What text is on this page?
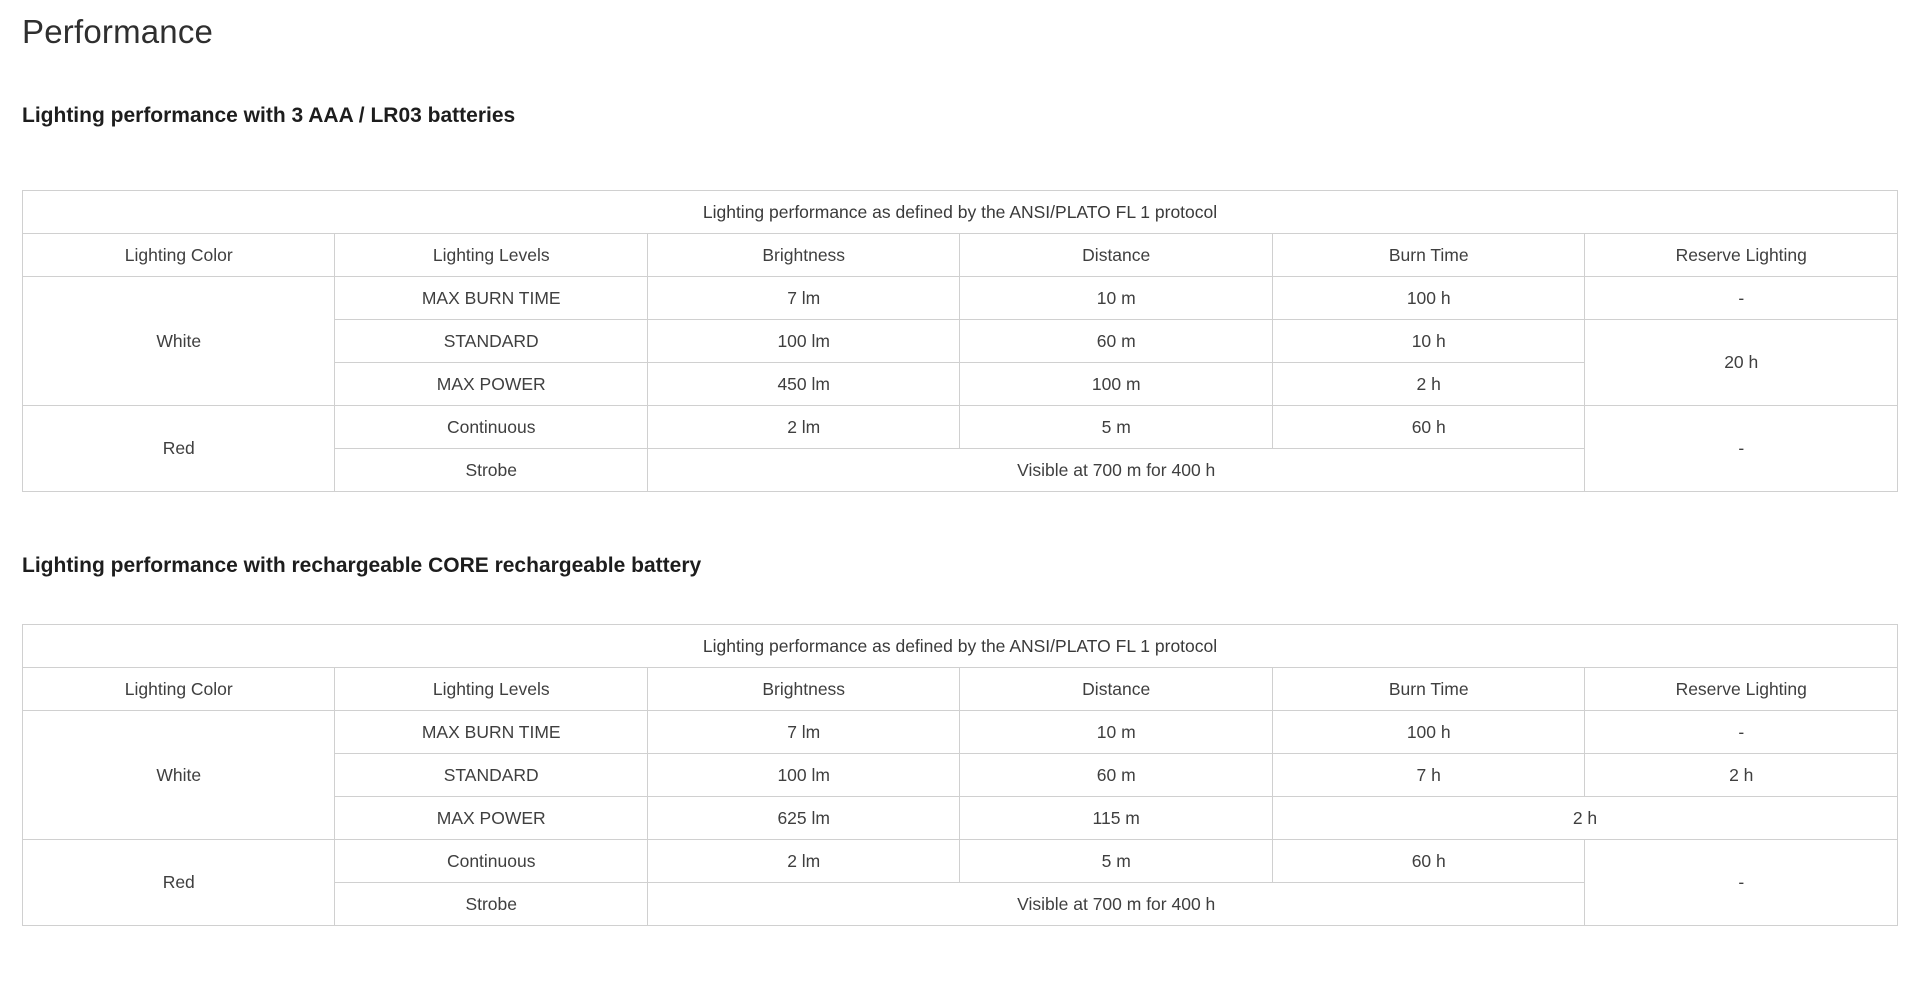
Performance
Lighting performance with 3 AAA / LR03 batteries
Lighting performance as defined by the ANSI/PLATO FL 1 protocol					
Lighting Color	Lighting Levels	Brightness	Distance	Burn Time	Reserve Lighting
White	MAX BURN TIME	7 lm	10 m	100 h	-
	STANDARD	100 lm	60 m	10 h	20 h
	MAX POWER	450 lm	100 m	2 h	
Red	Continuous	2 lm	5 m	60 h	-
	Strobe	Visible at 700 m for 400 h			
Lighting performance with rechargeable CORE rechargeable battery
Lighting performance as defined by the ANSI/PLATO FL 1 protocol					
Lighting Color	Lighting Levels	Brightness	Distance	Burn Time	Reserve Lighting
White	MAX BURN TIME	7 lm	10 m	100 h	-
	STANDARD	100 lm	60 m	7 h	2 h
	MAX POWER	625 lm	115 m	2 h	
Red	Continuous	2 lm	5 m	60 h	-
	Strobe	Visible at 700 m for 400 h			
